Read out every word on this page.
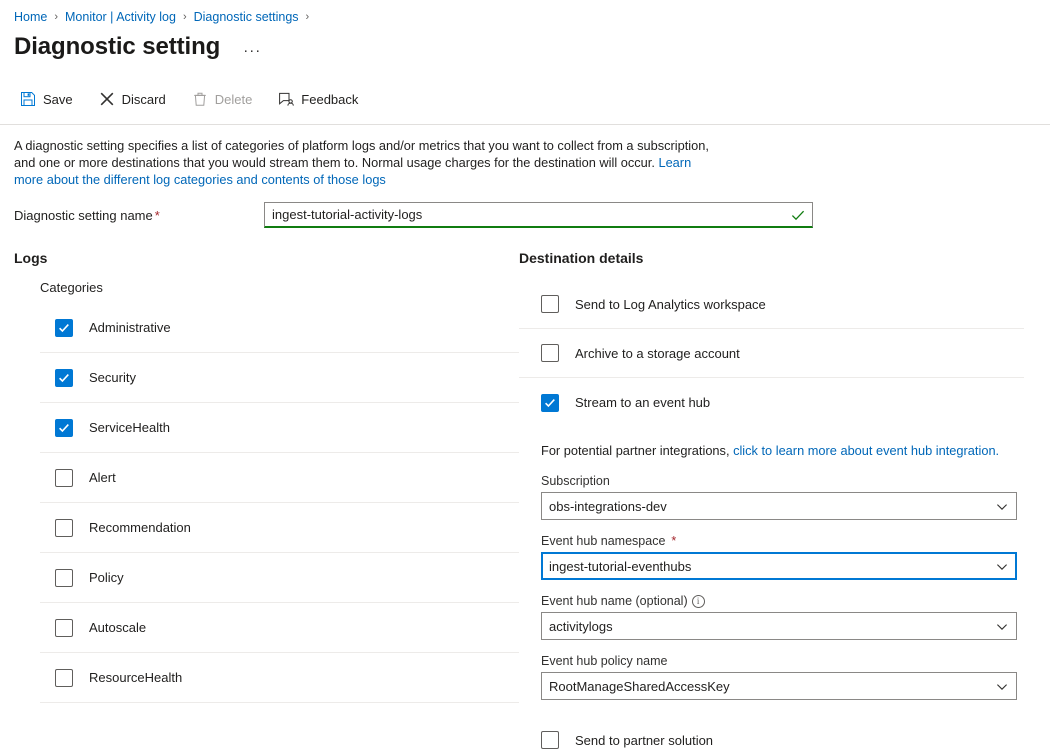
Home › Monitor | Activity log › Diagnostic settings ›
Diagnostic setting	···
Save	Discard	Delete	Feedback
A diagnostic setting specifies a list of categories of platform logs and/or metrics that you want to collect from a subscription, and one or more destinations that you would stream them to. Normal usage charges for the destination will occur. Learn more about the different log categories and contents of those logs
Diagnostic setting name *
ingest-tutorial-activity-logs
Logs
Categories
Administrative
Security
ServiceHealth
Alert
Recommendation
Policy
Autoscale
ResourceHealth
Destination details
Send to Log Analytics workspace
Archive to a storage account
Stream to an event hub
For potential partner integrations, click to learn more about event hub integration.
Subscription
obs-integrations-dev
Event hub namespace *
ingest-tutorial-eventhubs
Event hub name (optional)	i
activitylogs
Event hub policy name
RootManageSharedAccessKey
Send to partner solution
